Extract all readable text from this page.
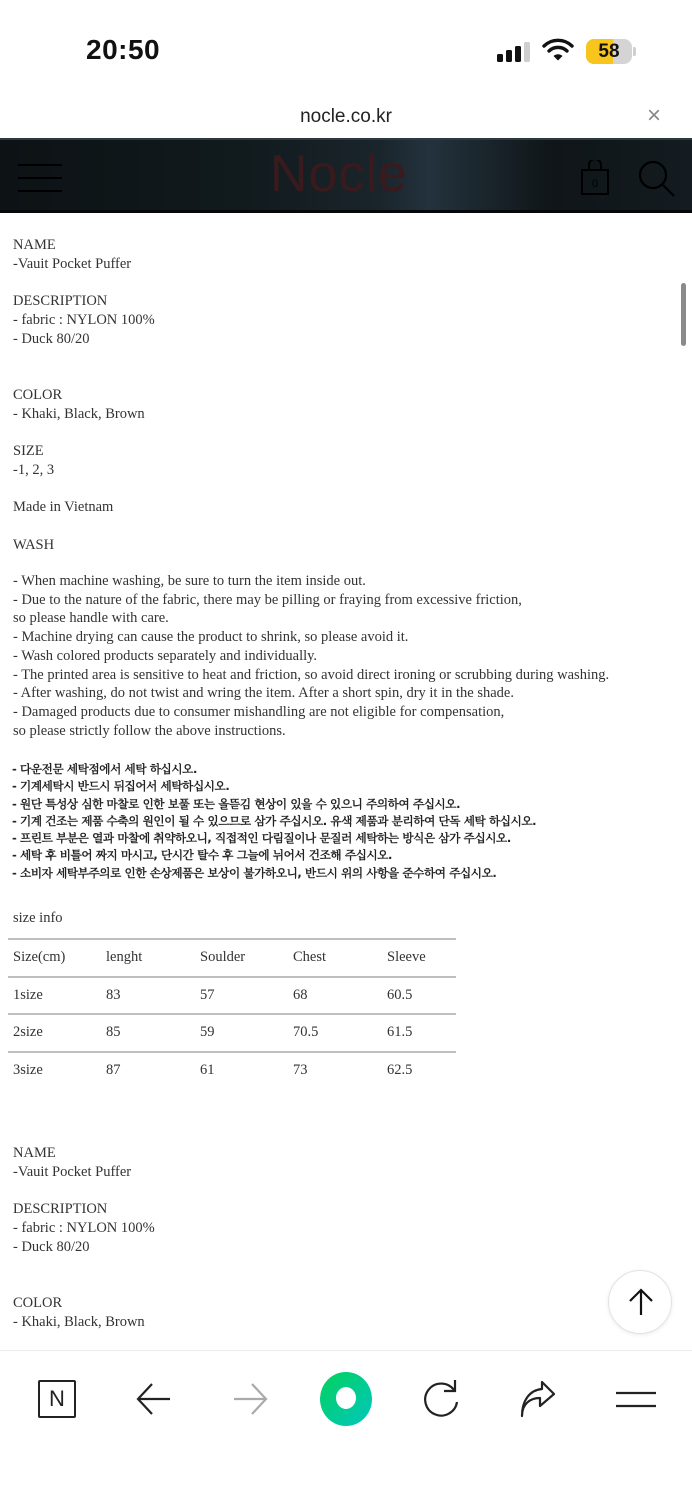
20:50	58
nocle.co.kr	×
Nocle	0
NAME
-Vauit Pocket Puffer
DESCRIPTION
- fabric : NYLON 100%
- Duck 80/20
COLOR
- Khaki, Black, Brown
SIZE
-1, 2, 3
Made in Vietnam
WASH
- When machine washing, be sure to turn the item inside out.
- Due to the nature of the fabric, there may be pilling or fraying from excessive friction,
so please handle with care.
- Machine drying can cause the product to shrink, so please avoid it.
- Wash colored products separately and individually.
- The printed area is sensitive to heat and friction, so avoid direct ironing or scrubbing during washing.
- After washing, do not twist and wring the item. After a short spin, dry it in the shade.
- Damaged products due to consumer mishandling are not eligible for compensation,
so please strictly follow the above instructions.
- 다운전문 세탁점에서 세탁 하십시오.
- 기계세탁시 반드시 뒤집어서 세탁하십시오.
- 원단 특성상 심한 마찰로 인한 보풀 또는 올뜯김 현상이 있을 수 있으니 주의하여 주십시오.
- 기계 건조는 제품 수축의 원인이 될 수 있으므로 삼가 주십시오. 유색 제품과 분리하여 단독 세탁 하십시오.
- 프린트 부분은 열과 마찰에 취약하오니, 직접적인 다림질이나 문질러 세탁하는 방식은 삼가 주십시오.
- 세탁 후 비틀어 짜지 마시고, 단시간 탈수 후 그늘에 뉘어서 건조해 주십시오.
- 소비자 세탁부주의로 인한 손상제품은 보상이 불가하오니, 반드시 위의 사항을 준수하여 주십시오.
size info
Size(cm)	lenght	Soulder	Chest	Sleeve
1size	83	57	68	60.5
2size	85	59	70.5	61.5
3size	87	61	73	62.5
NAME
-Vauit Pocket Puffer
DESCRIPTION
- fabric : NYLON 100%
- Duck 80/20
COLOR
- Khaki, Black, Brown
N
